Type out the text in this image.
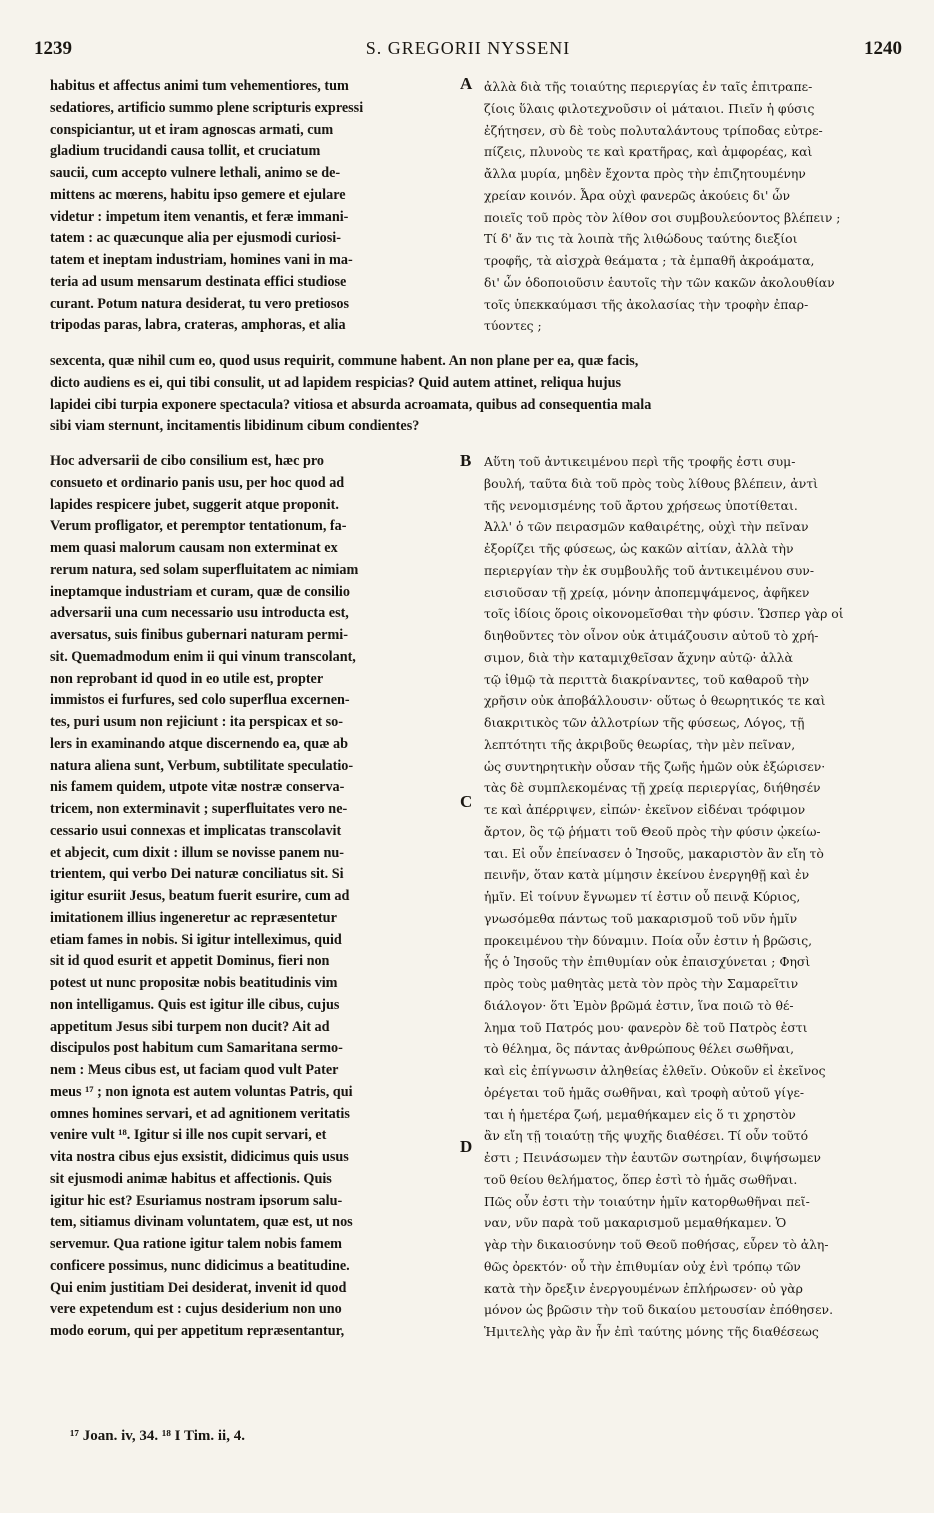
1239	S. GREGORII NYSSENI	1240
habitus et affectus animi tum vehementiores, tum
sedatiores, artificio summo plene scripturis expressi
conspiciantur, ut et iram agnoscas armati, cum
gladium trucidandi causa tollit, et cruciatum
saucii, cum accepto vulnere lethali, animo se de-
mittens ac mœrens, habitu ipso gemere et ejulare
videtur : impetum item venantis, et feræ immani-
tatem : ac quæcunque alia per ejusmodi curiosi-
tatem et ineptam industriam, homines vani in ma-
teria ad usum mensarum destinata effici studiose
curant. Potum natura desiderat, tu vero pretiosos
tripodas paras, labra, crateras, amphoras, et alia
ἀλλὰ διὰ τῆς τοιαύτης περιεργίας ἐν ταῖς ἐπιτραπε-
ζίοις ὕλαις φιλοτεχνοῦσιν οἱ μάταιοι. Πιεῖν ἡ φύσις
ἐζήτησεν, σὺ δὲ τοὺς πολυταλάντους τρίποδας εὐτρε-
πίζεις, πλυνοὺς τε καὶ κρατῆρας, καὶ ἀμφορέας, καὶ
ἄλλα μυρία, μηδὲν ἔχοντα πρὸς τὴν ἐπιζητουμένην
χρείαν κοινόν. Ἆρα οὐχὶ φανερῶς ἀκούεις δι' ὧν
ποιεῖς τοῦ πρὸς τὸν λίθον σοι συμβουλεύοντος βλέπειν ;
Τί δ' ἄν τις τὰ λοιπὰ τῆς λιθώδους ταύτης διεξίοι
τροφῆς, τὰ αἰσχρὰ θεάματα ; τὰ ἐμπαθῆ ἀκροάματα,
δι' ὧν ὁδοποιοῦσιν ἑαυτοῖς τὴν τῶν κακῶν ἀκολουθίαν
τοῖς ὑπεκκαύμασι τῆς ἀκολασίας τὴν τροφὴν ἐπαρ-
τύοντες ;
A
sexcenta, quæ nihil cum eo, quod usus requirit, commune habent. An non plane per ea, quæ facis,
dicto audiens es ei, qui tibi consulit, ut ad lapidem respicias? Quid autem attinet, reliqua hujus
lapidei cibi turpia exponere spectacula? vitiosa et absurda acroamata, quibus ad consequentia mala
sibi viam sternunt, incitamentis libidinum cibum condientes?
B
C
D
Hoc adversarii de cibo consilium est, hæc pro
consueto et ordinario panis usu, per hoc quod ad
lapides respicere jubet, suggerit atque proponit.
Verum profligator, et peremptor tentationum, fa-
mem quasi malorum causam non exterminat ex
rerum natura, sed solam superfluitatem ac nimiam
ineptamque industriam et curam, quæ de consilio
adversarii una cum necessario usu introducta est,
aversatus, suis finibus gubernari naturam permi-
sit. Quemadmodum enim ii qui vinum transcolant,
non reprobant id quod in eo utile est, propter
immistos ei furfures, sed colo superflua excernen-
tes, puri usum non rejiciunt : ita perspicax et so-
lers in examinando atque discernendo ea, quæ ab
natura aliena sunt, Verbum, subtilitate speculatio-
nis famem quidem, utpote vitæ nostræ conserva-
tricem, non exterminavit ; superfluitates vero ne-
cessario usui connexas et implicatas transcolavit
et abjecit, cum dixit : illum se novisse panem nu-
trientem, qui verbo Dei naturæ conciliatus sit. Si
igitur esuriit Jesus, beatum fuerit esurire, cum ad
imitationem illius ingeneretur ac repræsentetur
etiam fames in nobis. Si igitur intelleximus, quid
sit id quod esurit et appetit Dominus, fieri non
potest ut nunc propositæ nobis beatitudinis vim
non intelligamus. Quis est igitur ille cibus, cujus
appetitum Jesus sibi turpem non ducit? Ait ad
discipulos post habitum cum Samaritana sermo-
nem : Meus cibus est, ut faciam quod vult Pater
meus ¹⁷ ; non ignota est autem voluntas Patris, qui
omnes homines servari, et ad agnitionem veritatis
venire vult ¹⁸. Igitur si ille nos cupit servari, et
vita nostra cibus ejus exsistit, didicimus quis usus
sit ejusmodi animæ habitus et affectionis. Quis
igitur hic est? Esuriamus nostram ipsorum salu-
tem, sitiamus divinam voluntatem, quæ est, ut nos
servemur. Qua ratione igitur talem nobis famem
conficere possimus, nunc didicimus a beatitudine.
Qui enim justitiam Dei desiderat, invenit id quod
vere expetendum est : cujus desiderium non uno
modo eorum, qui per appetitum repræsentantur,
Αὕτη τοῦ ἀντικειμένου περὶ τῆς τροφῆς ἐστι συμ-
βουλή, ταῦτα διὰ τοῦ πρὸς τοὺς λίθους βλέπειν, ἀντὶ
τῆς νενομισμένης τοῦ ἄρτου χρήσεως ὑποτίθεται.
Ἀλλ' ὁ τῶν πειρασμῶν καθαιρέτης, οὐχὶ τὴν πεῖναν
ἐξορίζει τῆς φύσεως, ὡς κακῶν αἰτίαν, ἀλλὰ τὴν
περιεργίαν τὴν ἐκ συμβουλῆς τοῦ ἀντικειμένου συν-
εισιοῦσαν τῇ χρείᾳ, μόνην ἀποπεμψάμενος, ἀφῆκεν
τοῖς ἰδίοις ὅροις οἰκονομεῖσθαι τὴν φύσιν. Ὥσπερ γὰρ οἱ
διηθοῦντες τὸν οἶνον οὐκ ἀτιμάζουσιν αὐτοῦ τὸ χρή-
σιμον, διὰ τὴν καταμιχθεῖσαν ἄχνην αὐτῷ· ἀλλὰ
τῷ ἰθμῷ τὰ περιττὰ διακρίναντες, τοῦ καθαροῦ τὴν
χρῆσιν οὐκ ἀποβάλλουσιν· οὕτως ὁ θεωρητικός τε καὶ
διακριτικὸς τῶν ἀλλοτρίων τῆς φύσεως, Λόγος, τῇ
λεπτότητι τῆς ἀκριβοῦς θεωρίας, τὴν μὲν πεῖναν,
ὡς συντηρητικὴν οὖσαν τῆς ζωῆς ἡμῶν οὐκ ἐξώρισεν·
τὰς δὲ συμπλεκομένας τῇ χρείᾳ περιεργίας, διήθησέν
τε καὶ ἀπέρριψεν, εἰπών· ἐκεῖνον εἰδέναι τρόφιμον
ἄρτον, ὃς τῷ ῥήματι τοῦ Θεοῦ πρὸς τὴν φύσιν ᾠκείω-
ται. Εἰ οὖν ἐπείνασεν ὁ Ἰησοῦς, μακαριστὸν ἂν εἴη τὸ
πεινῆν, ὅταν κατὰ μίμησιν ἐκείνου ἐνεργηθῇ καὶ ἐν
ἡμῖν. Εἰ τοίνυν ἔγνωμεν τί ἐστιν οὗ πεινᾷ Κύριος,
γνωσόμεθα πάντως τοῦ μακαρισμοῦ τοῦ νῦν ἡμῖν
προκειμένου τὴν δύναμιν. Ποία οὖν ἐστιν ἡ βρῶσις,
ἧς ὁ Ἰησοῦς τὴν ἐπιθυμίαν οὐκ ἐπαισχύνεται ; Φησὶ
πρὸς τοὺς μαθητὰς μετὰ τὸν πρὸς τὴν Σαμαρεῖτιν
διάλογον· ὅτι Ἐμὸν βρῶμά ἐστιν, ἵνα ποιῶ τὸ θέ-
λημα τοῦ Πατρός μου· φανερὸν δὲ τοῦ Πατρὸς ἐστι
τὸ θέλημα, ὃς πάντας ἀνθρώπους θέλει σωθῆναι,
καὶ εἰς ἐπίγνωσιν ἀληθείας ἐλθεῖν. Οὐκοῦν εἰ ἐκεῖνος
ὀρέγεται τοῦ ἡμᾶς σωθῆναι, καὶ τροφὴ αὐτοῦ γίγε-
ται ἡ ἡμετέρα ζωή, μεμαθήκαμεν εἰς ὅ τι χρηστὸν
ἂν εἴη τῇ τοιαύτῃ τῆς ψυχῆς διαθέσει. Τί οὖν τοῦτό
ἐστι ; Πεινάσωμεν τὴν ἑαυτῶν σωτηρίαν, διψήσωμεν
τοῦ θείου θελήματος, ὅπερ ἐστὶ τὸ ἡμᾶς σωθῆναι.
Πῶς οὖν ἐστι τὴν τοιαύτην ἡμῖν κατορθωθῆναι πεῖ-
ναν, νῦν παρὰ τοῦ μακαρισμοῦ μεμαθήκαμεν. Ὁ
γὰρ τὴν δικαιοσύνην τοῦ Θεοῦ ποθήσας, εὗρεν τὸ ἀλη-
θῶς ὀρεκτόν· οὗ τὴν ἐπιθυμίαν οὐχ ἑνὶ τρόπῳ τῶν
κατὰ τὴν ὄρεξιν ἐνεργουμένων ἐπλήρωσεν· οὐ γὰρ
μόνον ὡς βρῶσιν τὴν τοῦ δικαίου μετουσίαν ἐπόθησεν.
Ἡμιτελὴς γὰρ ἂν ἦν ἐπὶ ταύτης μόνης τῆς διαθέσεως
¹⁷ Joan. iv, 34. ¹⁸ I Tim. ii, 4.
